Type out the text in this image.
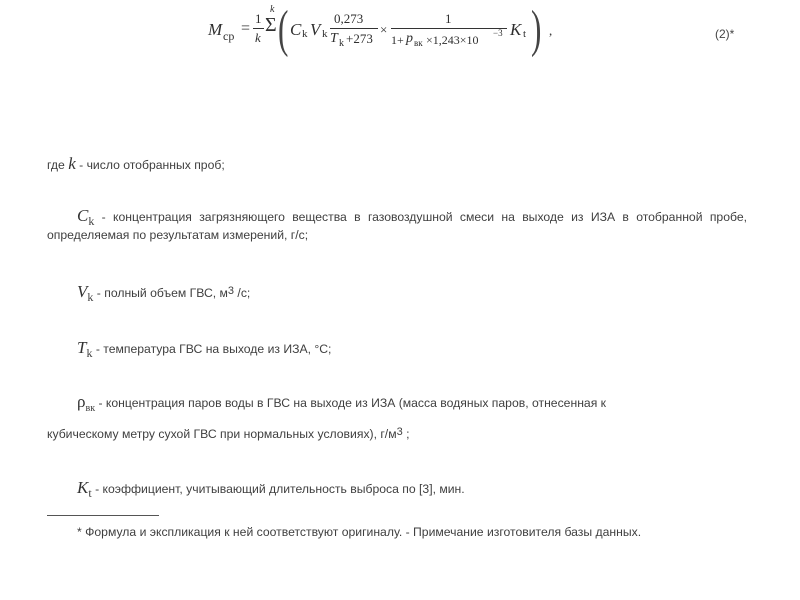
M ср =
1
k
k
Σ ( C k V k
0,273
T k +273
×
1
1+ p вк ×1,243×10 −3 K t ) ,	(2)*
где k - число отобранных проб;
Ck - концентрация загрязняющего вещества в газовоздушной смеси на выходе из ИЗА в отобранной пробе, определяемая по результатам измерений, г/с;
Vk - полный объем ГВС, м3 /с;
Tk - температура ГВС на выходе из ИЗА, °C;
$\rho_{вк}$ - концентрация паров воды в ГВС на выходе из ИЗА (масса водяных паров, отнесенная к
кубическому метру сухой ГВС при нормальных условиях), г/м3 ;
Kt - коэффициент, учитывающий длительность выброса по [3], мин.
* Формула и экспликация к ней соответствуют оригиналу. - Примечание изготовителя базы данных.
